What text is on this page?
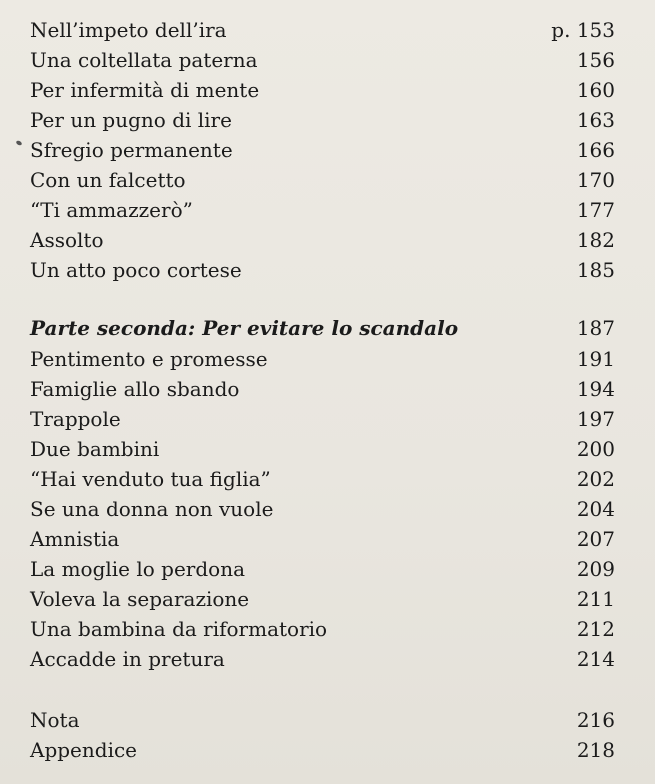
Nell’impeto dell’ira	p. 153
Una coltellata paterna	156
Per infermità di mente	160
Per un pugno di lire	163
Sfregio permanente	166
Con un falcetto	170
“Ti ammazzerò”	177
Assolto	182
Un atto poco cortese	185
Parte seconda: Per evitare lo scandalo	187
Pentimento e promesse	191
Famiglie allo sbando	194
Trappole	197
Due bambini	200
“Hai venduto tua figlia”	202
Se una donna non vuole	204
Amnistia	207
La moglie lo perdona	209
Voleva la separazione	211
Una bambina da riformatorio	212
Accadde in pretura	214
Nota	216
Appendice	218
